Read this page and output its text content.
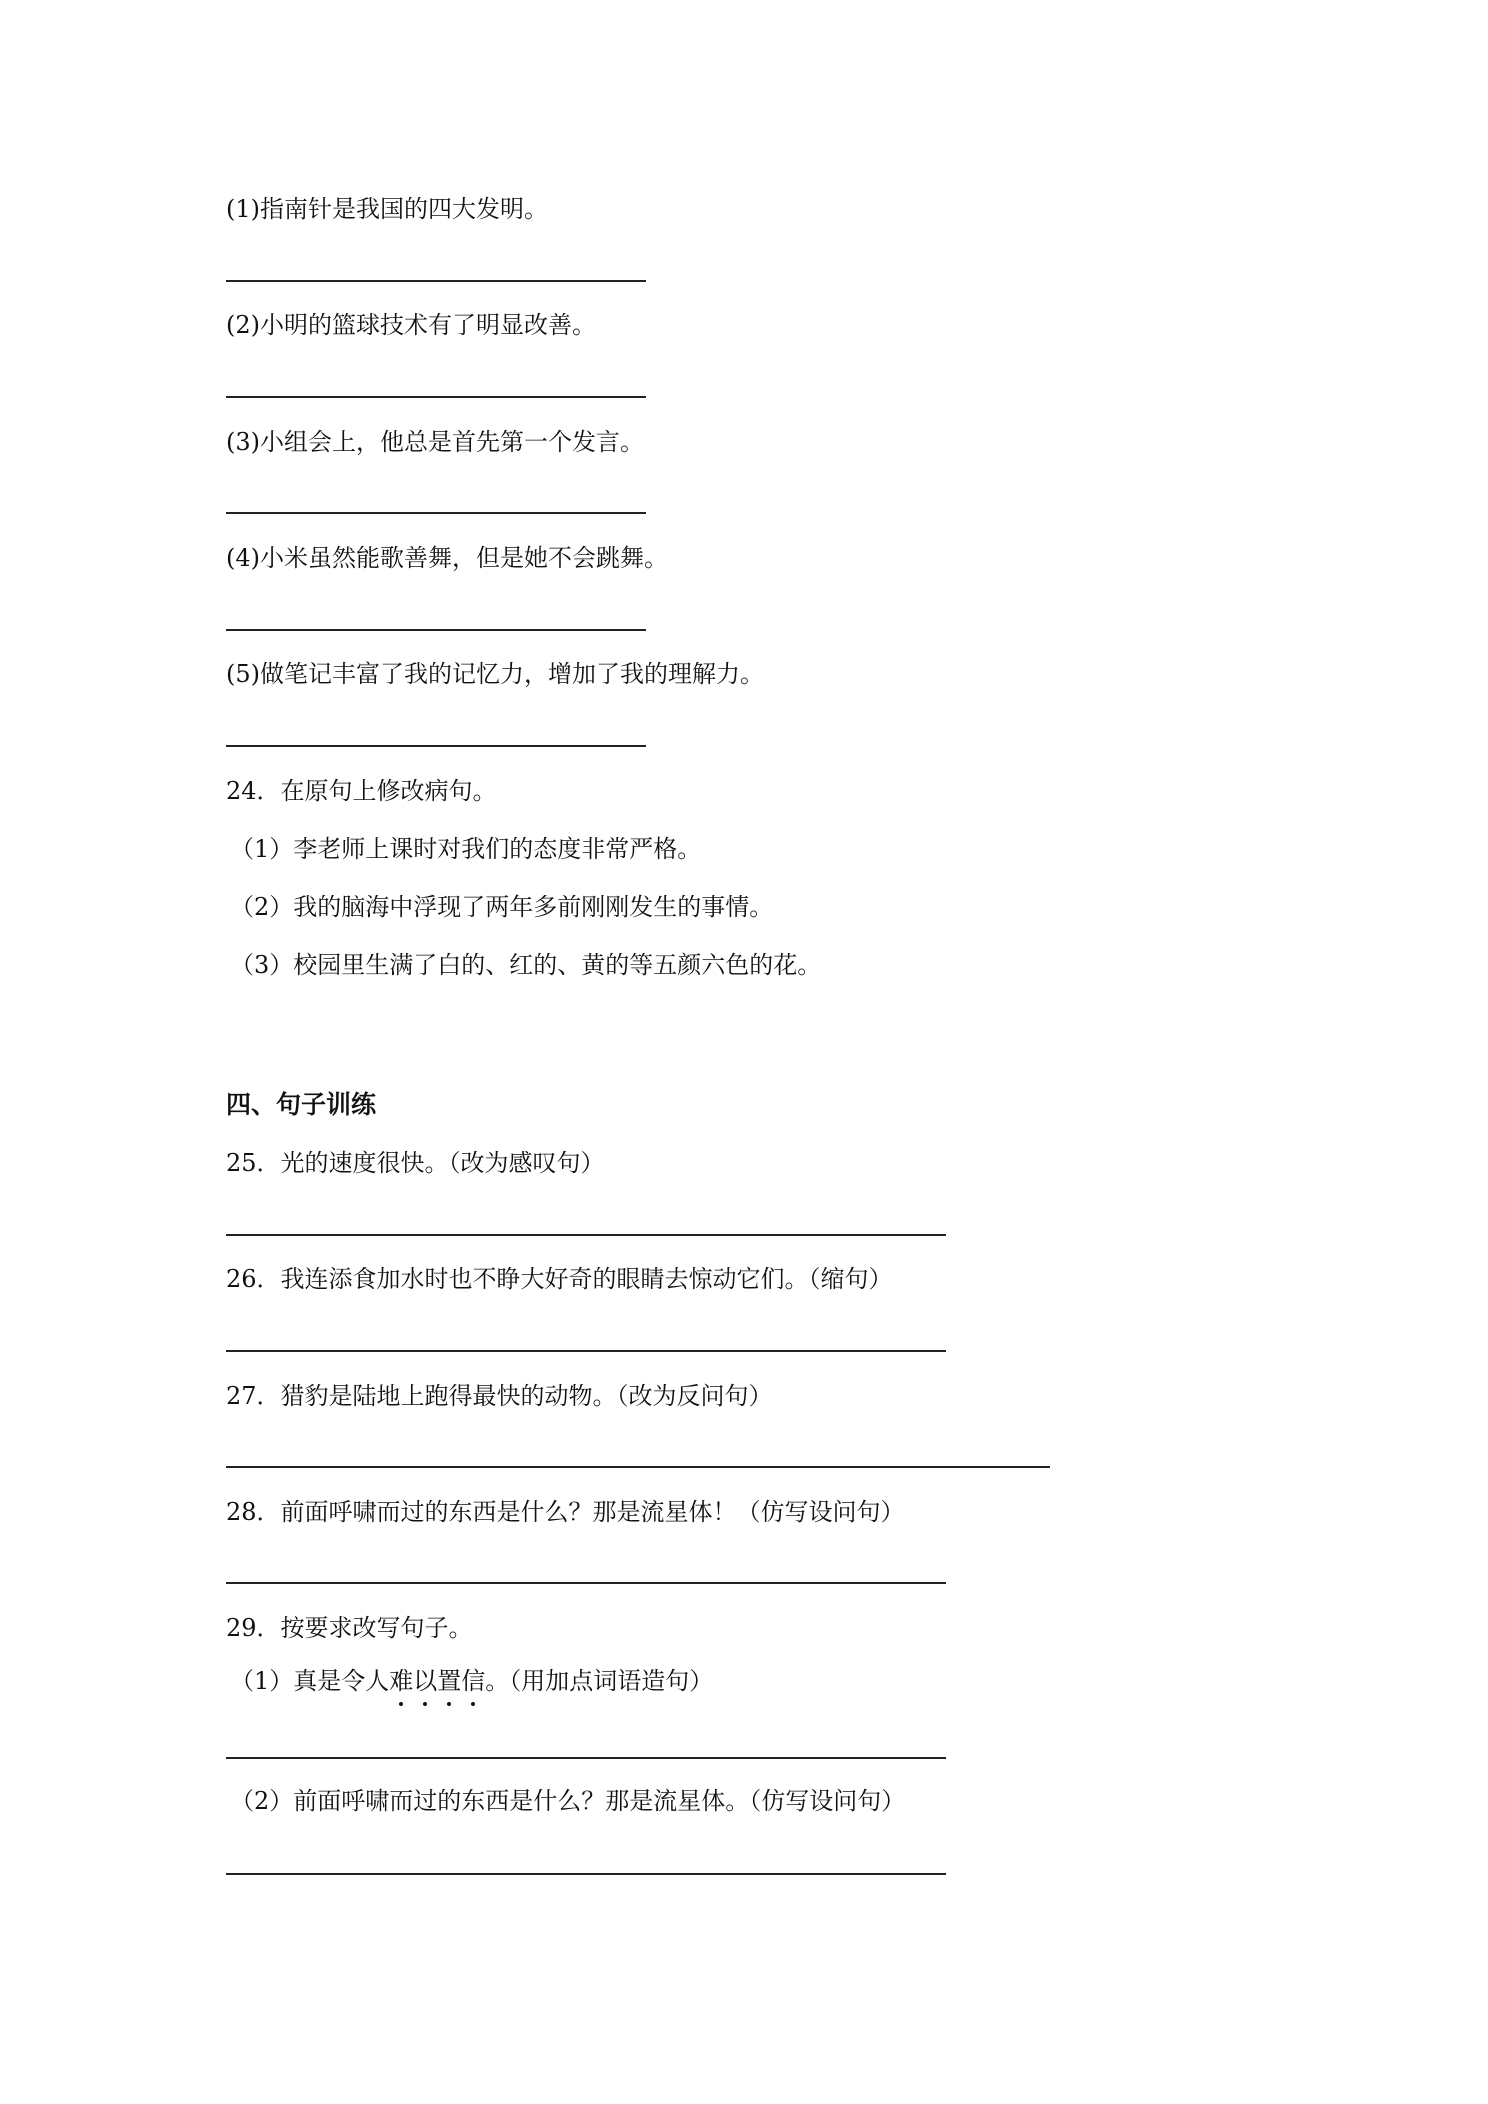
(1)指南针是我国的四大发明。
(2)小明的篮球技术有了明显改善。
(3)小组会上，他总是首先第一个发言。
(4)小米虽然能歌善舞，但是她不会跳舞。
(5)做笔记丰富了我的记忆力，增加了我的理解力。
24．在原句上修改病句。
（1）李老师上课时对我们的态度非常严格。
（2）我的脑海中浮现了两年多前刚刚发生的事情。
（3）校园里生满了白的、红的、黄的等五颜六色的花。
四、句子训练
25．光的速度很快。（改为感叹句）
26．我连添食加水时也不睁大好奇的眼睛去惊动它们。（缩句）
27．猎豹是陆地上跑得最快的动物。（改为反问句）
28．前面呼啸而过的东西是什么？那是流星体！（仿写设问句）
29．按要求改写句子。
（1）真是令人难
以
置
信
。（用加点词语造句）
（2）前面呼啸而过的东西是什么？那是流星体。（仿写设问句）
